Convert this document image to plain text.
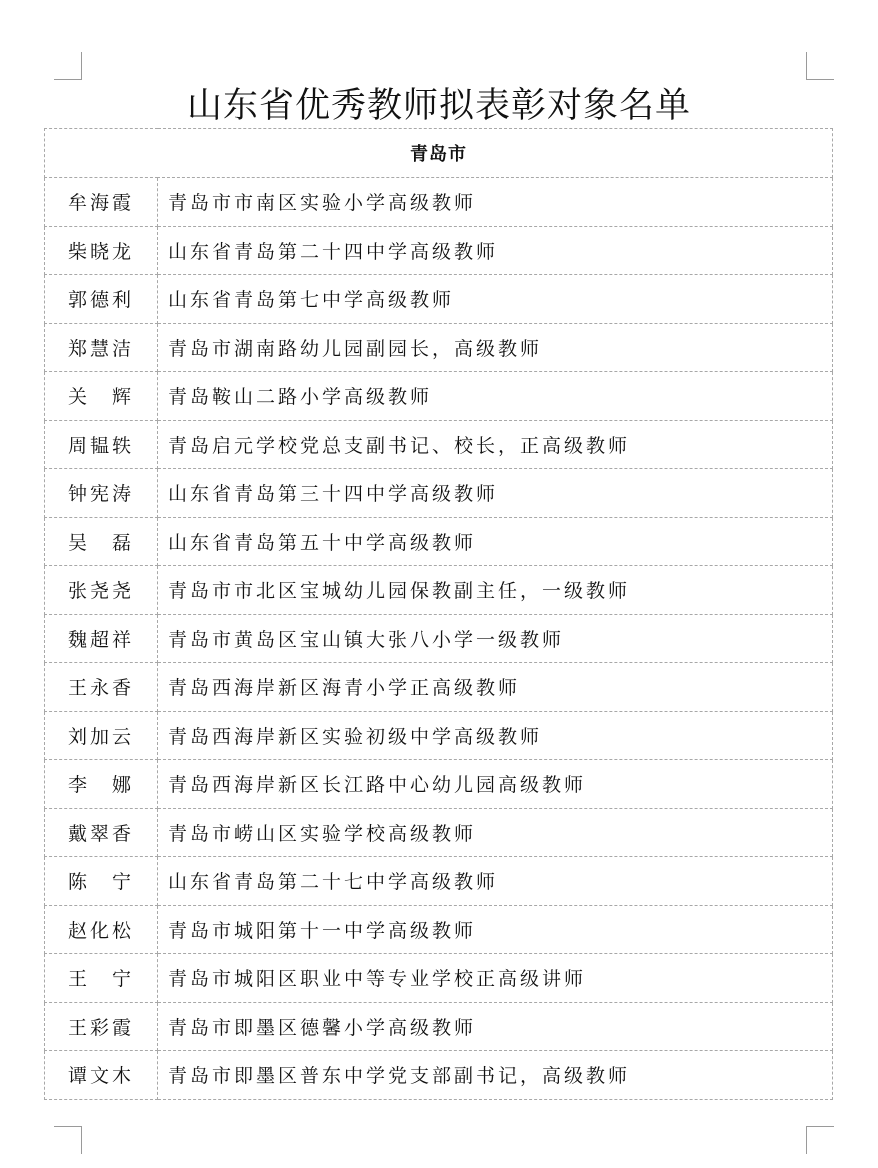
山东省优秀教师拟表彰对象名单
青岛市	
牟海霞	青岛市市南区实验小学高级教师
柴晓龙	山东省青岛第二十四中学高级教师
郭德利	山东省青岛第七中学高级教师
郑慧洁	青岛市湖南路幼儿园副园长，高级教师
关　辉	青岛鞍山二路小学高级教师
周韫轶	青岛启元学校党总支副书记、校长，正高级教师
钟宪涛	山东省青岛第三十四中学高级教师
吴　磊	山东省青岛第五十中学高级教师
张尧尧	青岛市市北区宝城幼儿园保教副主任，一级教师
魏超祥	青岛市黄岛区宝山镇大张八小学一级教师
王永香	青岛西海岸新区海青小学正高级教师
刘加云	青岛西海岸新区实验初级中学高级教师
李　娜	青岛西海岸新区长江路中心幼儿园高级教师
戴翠香	青岛市崂山区实验学校高级教师
陈　宁	山东省青岛第二十七中学高级教师
赵化松	青岛市城阳第十一中学高级教师
王　宁	青岛市城阳区职业中等专业学校正高级讲师
王彩霞	青岛市即墨区德馨小学高级教师
谭文木	青岛市即墨区普东中学党支部副书记，高级教师
